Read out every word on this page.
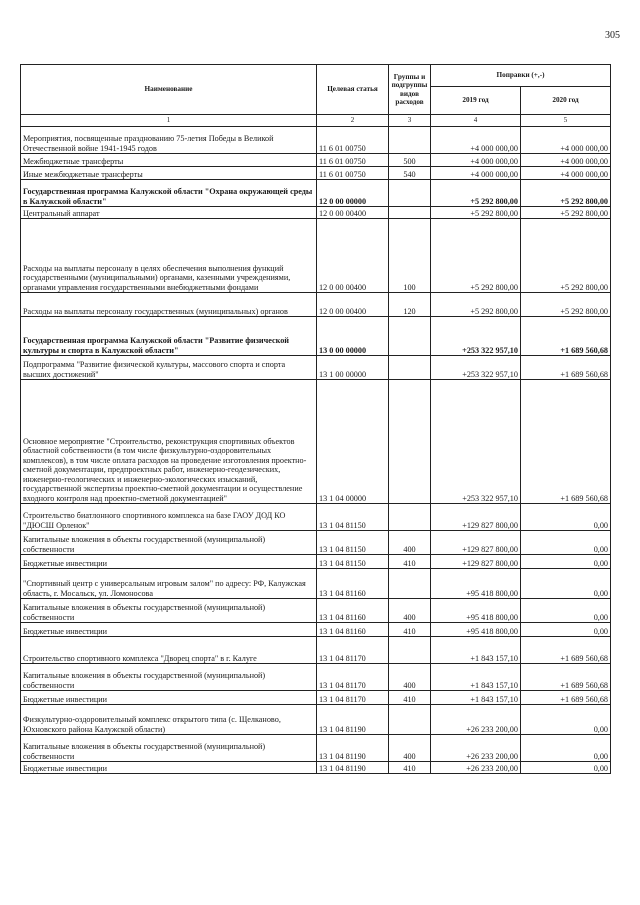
305
Наименование	Целевая статья	Группы и подгруппы видов расходов	Поправки (+,-)	
			2019 год	2020 год
1	2	3	4	5
Мероприятия, посвященные празднованию 75-летия Победы в Великой Отечественной войне 1941-1945 годов	11 6 01 00750		+4 000 000,00	+4 000 000,00
Межбюджетные трансферты	11 6 01 00750	500	+4 000 000,00	+4 000 000,00
Иные межбюджетные трансферты	11 6 01 00750	540	+4 000 000,00	+4 000 000,00
Государственная программа Калужской области "Охрана окружающей среды в Калужской области"	12 0 00 00000		+5 292 800,00	+5 292 800,00
Центральный аппарат	12 0 00 00400		+5 292 800,00	+5 292 800,00
Расходы на выплаты персоналу в целях обеспечения выполнения функций государственными (муниципальными) органами, казенными учреждениями, органами управления государственными внебюджетными фондами	12 0 00 00400	100	+5 292 800,00	+5 292 800,00
Расходы на выплаты персоналу государственных (муниципальных) органов	12 0 00 00400	120	+5 292 800,00	+5 292 800,00
Государственная программа Калужской области "Развитие физической культуры и спорта в Калужской области"	13 0 00 00000		+253 322 957,10	+1 689 560,68
Подпрограмма "Развитие физической культуры, массового спорта и спорта высших достижений"	13 1 00 00000		+253 322 957,10	+1 689 560,68
Основное мероприятие "Строительство, реконструкция спортивных объектов областной собственности (в том числе физкультурно-оздоровительных комплексов), в том числе оплата расходов на проведение изготовления проектно-сметной документации, предпроектных работ, инженерно-геодезических, инженерно-геологических и инженерно-экологических изысканий, государственной экспертизы проектно-сметной документации и осуществление входного контроля над проектно-сметной документацией"	13 1 04 00000		+253 322 957,10	+1 689 560,68
Строительство биатлонного спортивного комплекса на базе ГАОУ ДОД КО "ДЮСШ Орленок"	13 1 04 81150		+129 827 800,00	0,00
Капитальные вложения в объекты государственной (муниципальной) собственности	13 1 04 81150	400	+129 827 800,00	0,00
Бюджетные инвестиции	13 1 04 81150	410	+129 827 800,00	0,00
"Спортивный центр с универсальным игровым залом" по адресу: РФ, Калужская область, г. Мосальск, ул. Ломоносова	13 1 04 81160		+95 418 800,00	0,00
Капитальные вложения в объекты государственной (муниципальной) собственности	13 1 04 81160	400	+95 418 800,00	0,00
Бюджетные инвестиции	13 1 04 81160	410	+95 418 800,00	0,00
Строительство спортивного комплекса "Дворец спорта" в г. Калуге	13 1 04 81170		+1 843 157,10	+1 689 560,68
Капитальные вложения в объекты государственной (муниципальной) собственности	13 1 04 81170	400	+1 843 157,10	+1 689 560,68
Бюджетные инвестиции	13 1 04 81170	410	+1 843 157,10	+1 689 560,68
Физкультурно-оздоровительный комплекс открытого типа (с. Щелканово, Юхновского района Калужской области)	13 1 04 81190		+26 233 200,00	0,00
Капитальные вложения в объекты государственной (муниципальной) собственности	13 1 04 81190	400	+26 233 200,00	0,00
Бюджетные инвестиции	13 1 04 81190	410	+26 233 200,00	0,00
